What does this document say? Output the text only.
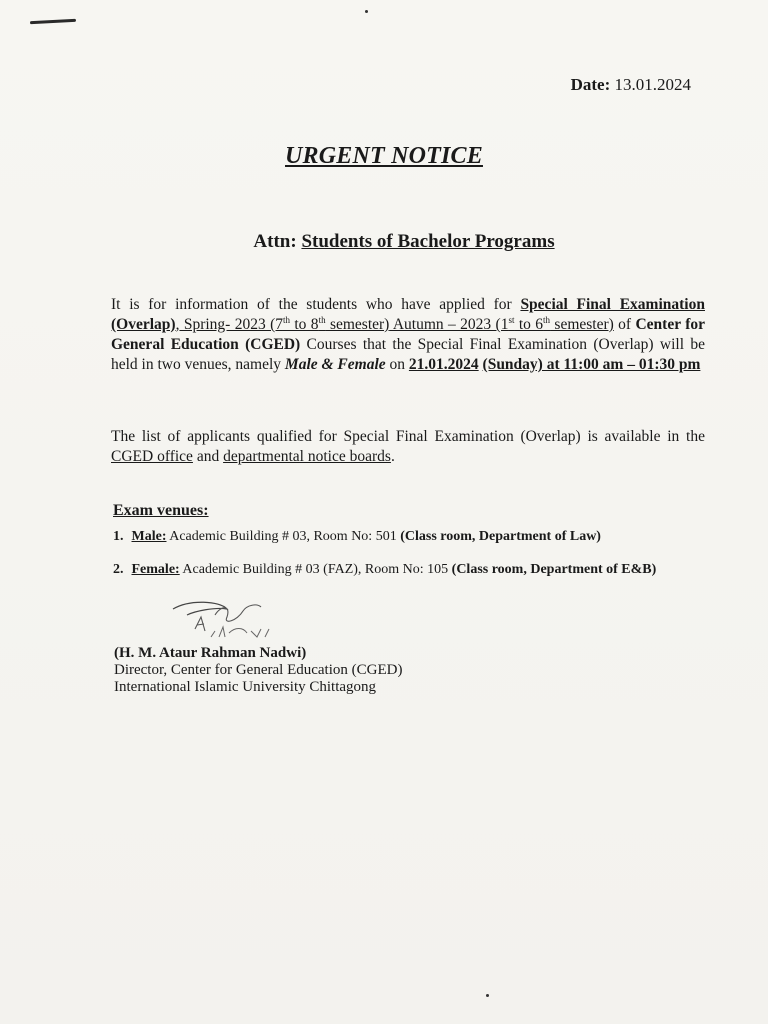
Date: 13.01.2024
URGENT NOTICE
Attn: Students of Bachelor Programs
It is for information of the students who have applied for Special Final Examination (Overlap), Spring- 2023 (7th to 8th semester) Autumn – 2023 (1st to 6th semester) of Center for General Education (CGED) Courses that the Special Final Examination (Overlap) will be held in two venues, namely Male & Female on 21.01.2024 (Sunday) at 11:00 am – 01:30 pm
The list of applicants qualified for Special Final Examination (Overlap) is available in the CGED office and departmental notice boards.
Exam venues:
1. Male: Academic Building # 03, Room No: 501 (Class room, Department of Law)
2. Female: Academic Building # 03 (FAZ), Room No: 105 (Class room, Department of E&B)
(H. M. Ataur Rahman Nadwi)
Director, Center for General Education (CGED)
International Islamic University Chittagong
